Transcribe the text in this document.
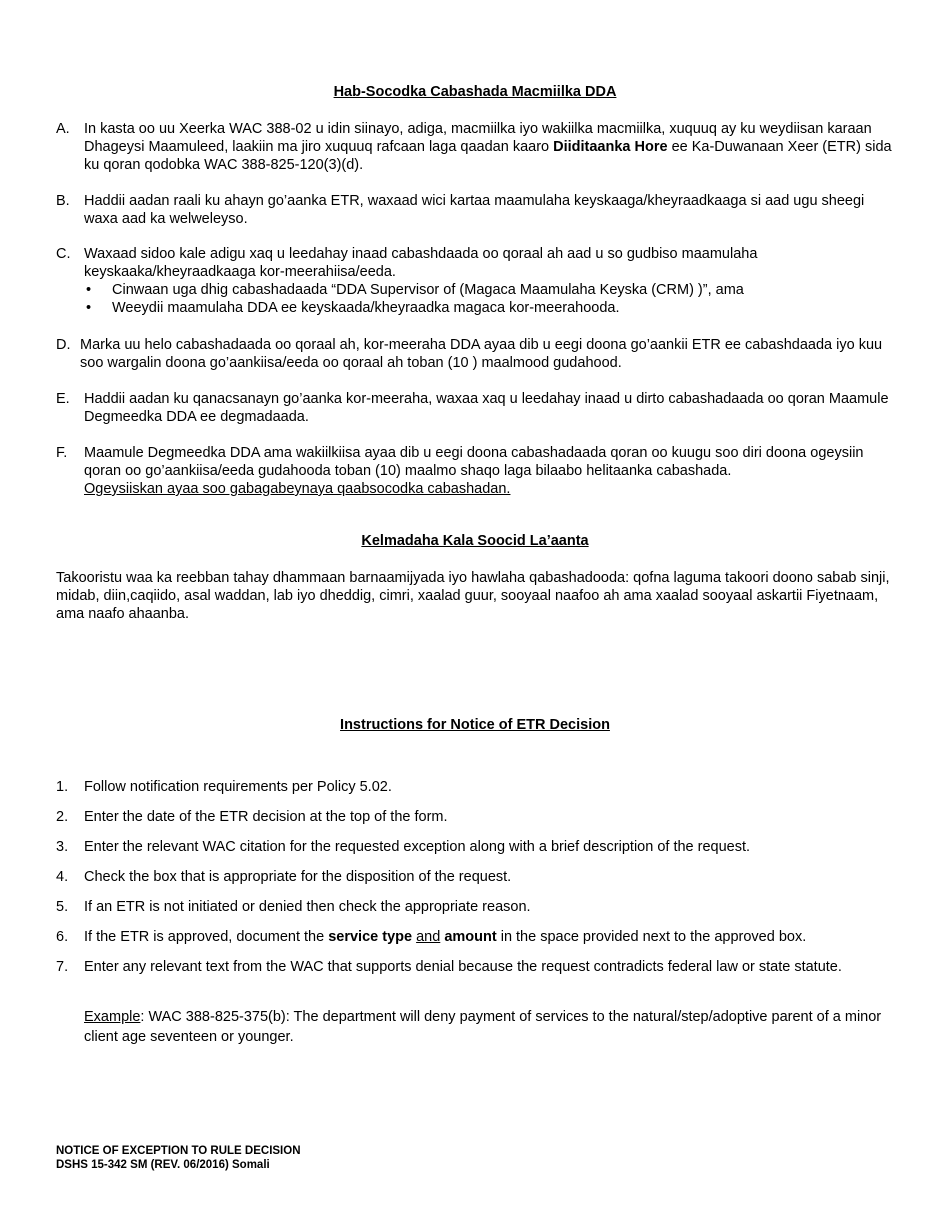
Hab-Socodka Cabashada Macmiilka DDA
A. In kasta oo uu Xeerka WAC 388-02 u idin siinayo, adiga, macmiilka iyo wakiilka macmiilka, xuquuq ay ku weydiisan karaan Dhageysi Maamuleed, laakiin ma jiro xuquuq rafcaan laga qaadan kaaro Diiditaanka Hore ee Ka-Duwanaan Xeer (ETR) sida ku qoran qodobka WAC 388-825-120(3)(d).
B. Haddii aadan raali ku ahayn go’aanka ETR, waxaad wici kartaa maamulaha keyskaaga/kheyraadkaaga si aad ugu sheegi waxa aad ka welweleyso.
C. Waxaad sidoo kale adigu xaq u leedahay inaad cabashdaada oo qoraal ah aad u so gudbiso maamulaha keyskaaka/kheyraadkaaga kor-meerahiisa/eeda.
• Cinwaan uga dhig cabashadaada “DDA Supervisor of (Magaca Maamulaha Keyska (CRM) )”, ama
• Weeydii maamulaha DDA ee keyskaada/kheyraadka magaca kor-meerahooda.
D. Marka uu helo cabashadaada oo qoraal ah, kor-meeraha DDA ayaa dib u eegi doona go’aankii ETR ee cabashdaada iyo kuu soo wargalin doona go’aankiisa/eeda oo qoraal ah toban (10 ) maalmood gudahood.
E. Haddii aadan ku qanacsanayn go’aanka kor-meeraha, waxaa xaq u leedahay inaad u dirto cabashadaada oo qoran Maamule Degmeedka DDA ee degmadaada.
F. Maamule Degmeedka DDA ama wakiilkiisa ayaa dib u eegi doona cabashadaada qoran oo kuugu soo diri doona ogeysiin qoran oo go’aankiisa/eeda gudahooda toban (10) maalmo shaqo laga bilaabo helitaanka cabashada.
Ogeysiiskan ayaa soo gabagabeynaya qaabsocodka cabashadan.
Kelmadaha Kala Soocid La’aanta
Takooristu waa ka reebban tahay dhammaan barnaamijyada iyo hawlaha qabashadooda: qofna laguma takoori doono sabab sinji, midab, diin,caqiido, asal waddan, lab iyo dheddig, cimri, xaalad guur, sooyaal naafoo ah ama xaalad sooyaal askartii Fiyetnaam, ama naafo ahaanba.
Instructions for Notice of ETR Decision
1. Follow notification requirements per Policy 5.02.
2. Enter the date of the ETR decision at the top of the form.
3. Enter the relevant WAC citation for the requested exception along with a brief description of the request.
4. Check the box that is appropriate for the disposition of the request.
5. If an ETR is not initiated or denied then check the appropriate reason.
6. If the ETR is approved, document the service type and amount in the space provided next to the approved box.
7. Enter any relevant text from the WAC that supports denial because the request contradicts federal law or state statute.
Example: WAC 388-825-375(b): The department will deny payment of services to the natural/step/adoptive parent of a minor client age seventeen or younger.
NOTICE OF EXCEPTION TO RULE DECISION
DSHS 15-342 SM (REV. 06/2016) Somali
